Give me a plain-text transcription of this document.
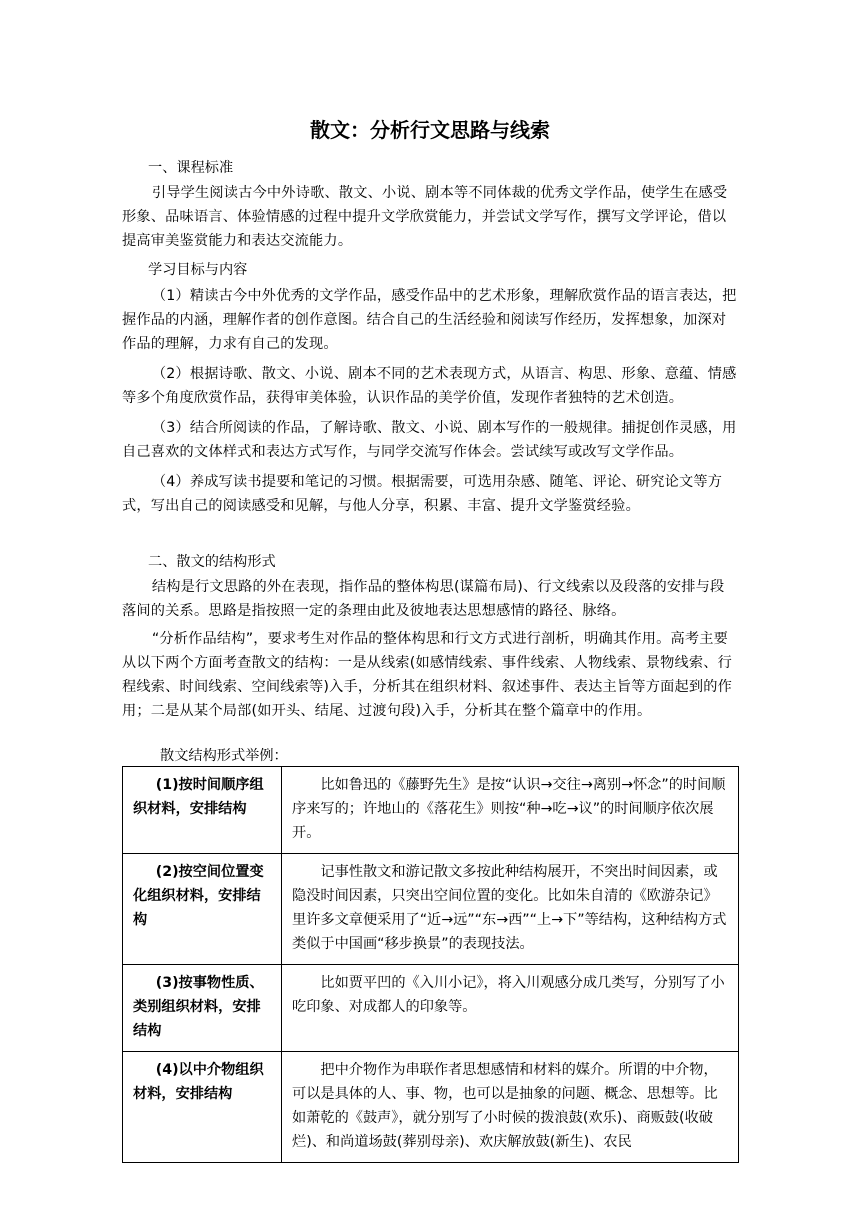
散文：分析行文思路与线索
一、课程标准

引导学生阅读古今中外诗歌、散文、小说、剧本等不同体裁的优秀文学作品，使学生在感受形象、品味语言、体验情感的过程中提升文学欣赏能力，并尝试文学写作，撰写文学评论，借以提高审美鉴赏能力和表达交流能力。

学习目标与内容

（1）精读古今中外优秀的文学作品，感受作品中的艺术形象，理解欣赏作品的语言表达，把握作品的内涵，理解作者的创作意图。结合自己的生活经验和阅读写作经历，发挥想象，加深对作品的理解，力求有自己的发现。

（2）根据诗歌、散文、小说、剧本不同的艺术表现方式，从语言、构思、形象、意蕴、情感等多个角度欣赏作品，获得审美体验，认识作品的美学价值，发现作者独特的艺术创造。

（3）结合所阅读的作品，了解诗歌、散文、小说、剧本写作的一般规律。捕捉创作灵感，用自己喜欢的文体样式和表达方式写作，与同学交流写作体会。尝试续写或改写文学作品。

（4）养成写读书提要和笔记的习惯。根据需要，可选用杂感、随笔、评论、研究论文等方式，写出自己的阅读感受和见解，与他人分享，积累、丰富、提升文学鉴赏经验。

二、散文的结构形式

结构是行文思路的外在表现，指作品的整体构思(谋篇布局)、行文线索以及段落的安排与段落间的关系。思路是指按照一定的条理由此及彼地表达思想感情的路径、脉络。

“分析作品结构”，要求考生对作品的整体构思和行文方式进行剖析，明确其作用。高考主要从以下两个方面考查散文的结构：一是从线索(如感情线索、事件线索、人物线索、景物线索、行程线索、时间线索、空间线索等)入手，分析其在组织材料、叙述事件、表达主旨等方面起到的作用；二是从某个局部(如开头、结尾、过渡句段)入手，分析其在整个篇章中的作用。

散文结构形式举例：
(1)按时间顺序组织材料，安排结构	比如鲁迅的《藤野先生》是按“认识→交往→离别→怀念”的时间顺序来写的；许地山的《落花生》则按“种→吃→议”的时间顺序依次展开。
(2)按空间位置变化组织材料，安排结构	记事性散文和游记散文多按此种结构展开，不突出时间因素，或隐没时间因素，只突出空间位置的变化。比如朱自清的《欧游杂记》里许多文章便采用了“近→远”“东→西”“上→下”等结构，这种结构方式类似于中国画“移步换景”的表现技法。
(3)按事物性质、类别组织材料，安排结构	比如贾平凹的《入川小记》，将入川观感分成几类写，分别写了小吃印象、对成都人的印象等。
(4)以中介物组织材料，安排结构	把中介物作为串联作者思想感情和材料的媒介。所谓的中介物，可以是具体的人、事、物，也可以是抽象的问题、概念、思想等。比如萧乾的《鼓声》，就分别写了小时候的拨浪鼓(欢乐)、商贩鼓(收破烂)、和尚道场鼓(葬别母亲)、欢庆解放鼓(新生)、农民
